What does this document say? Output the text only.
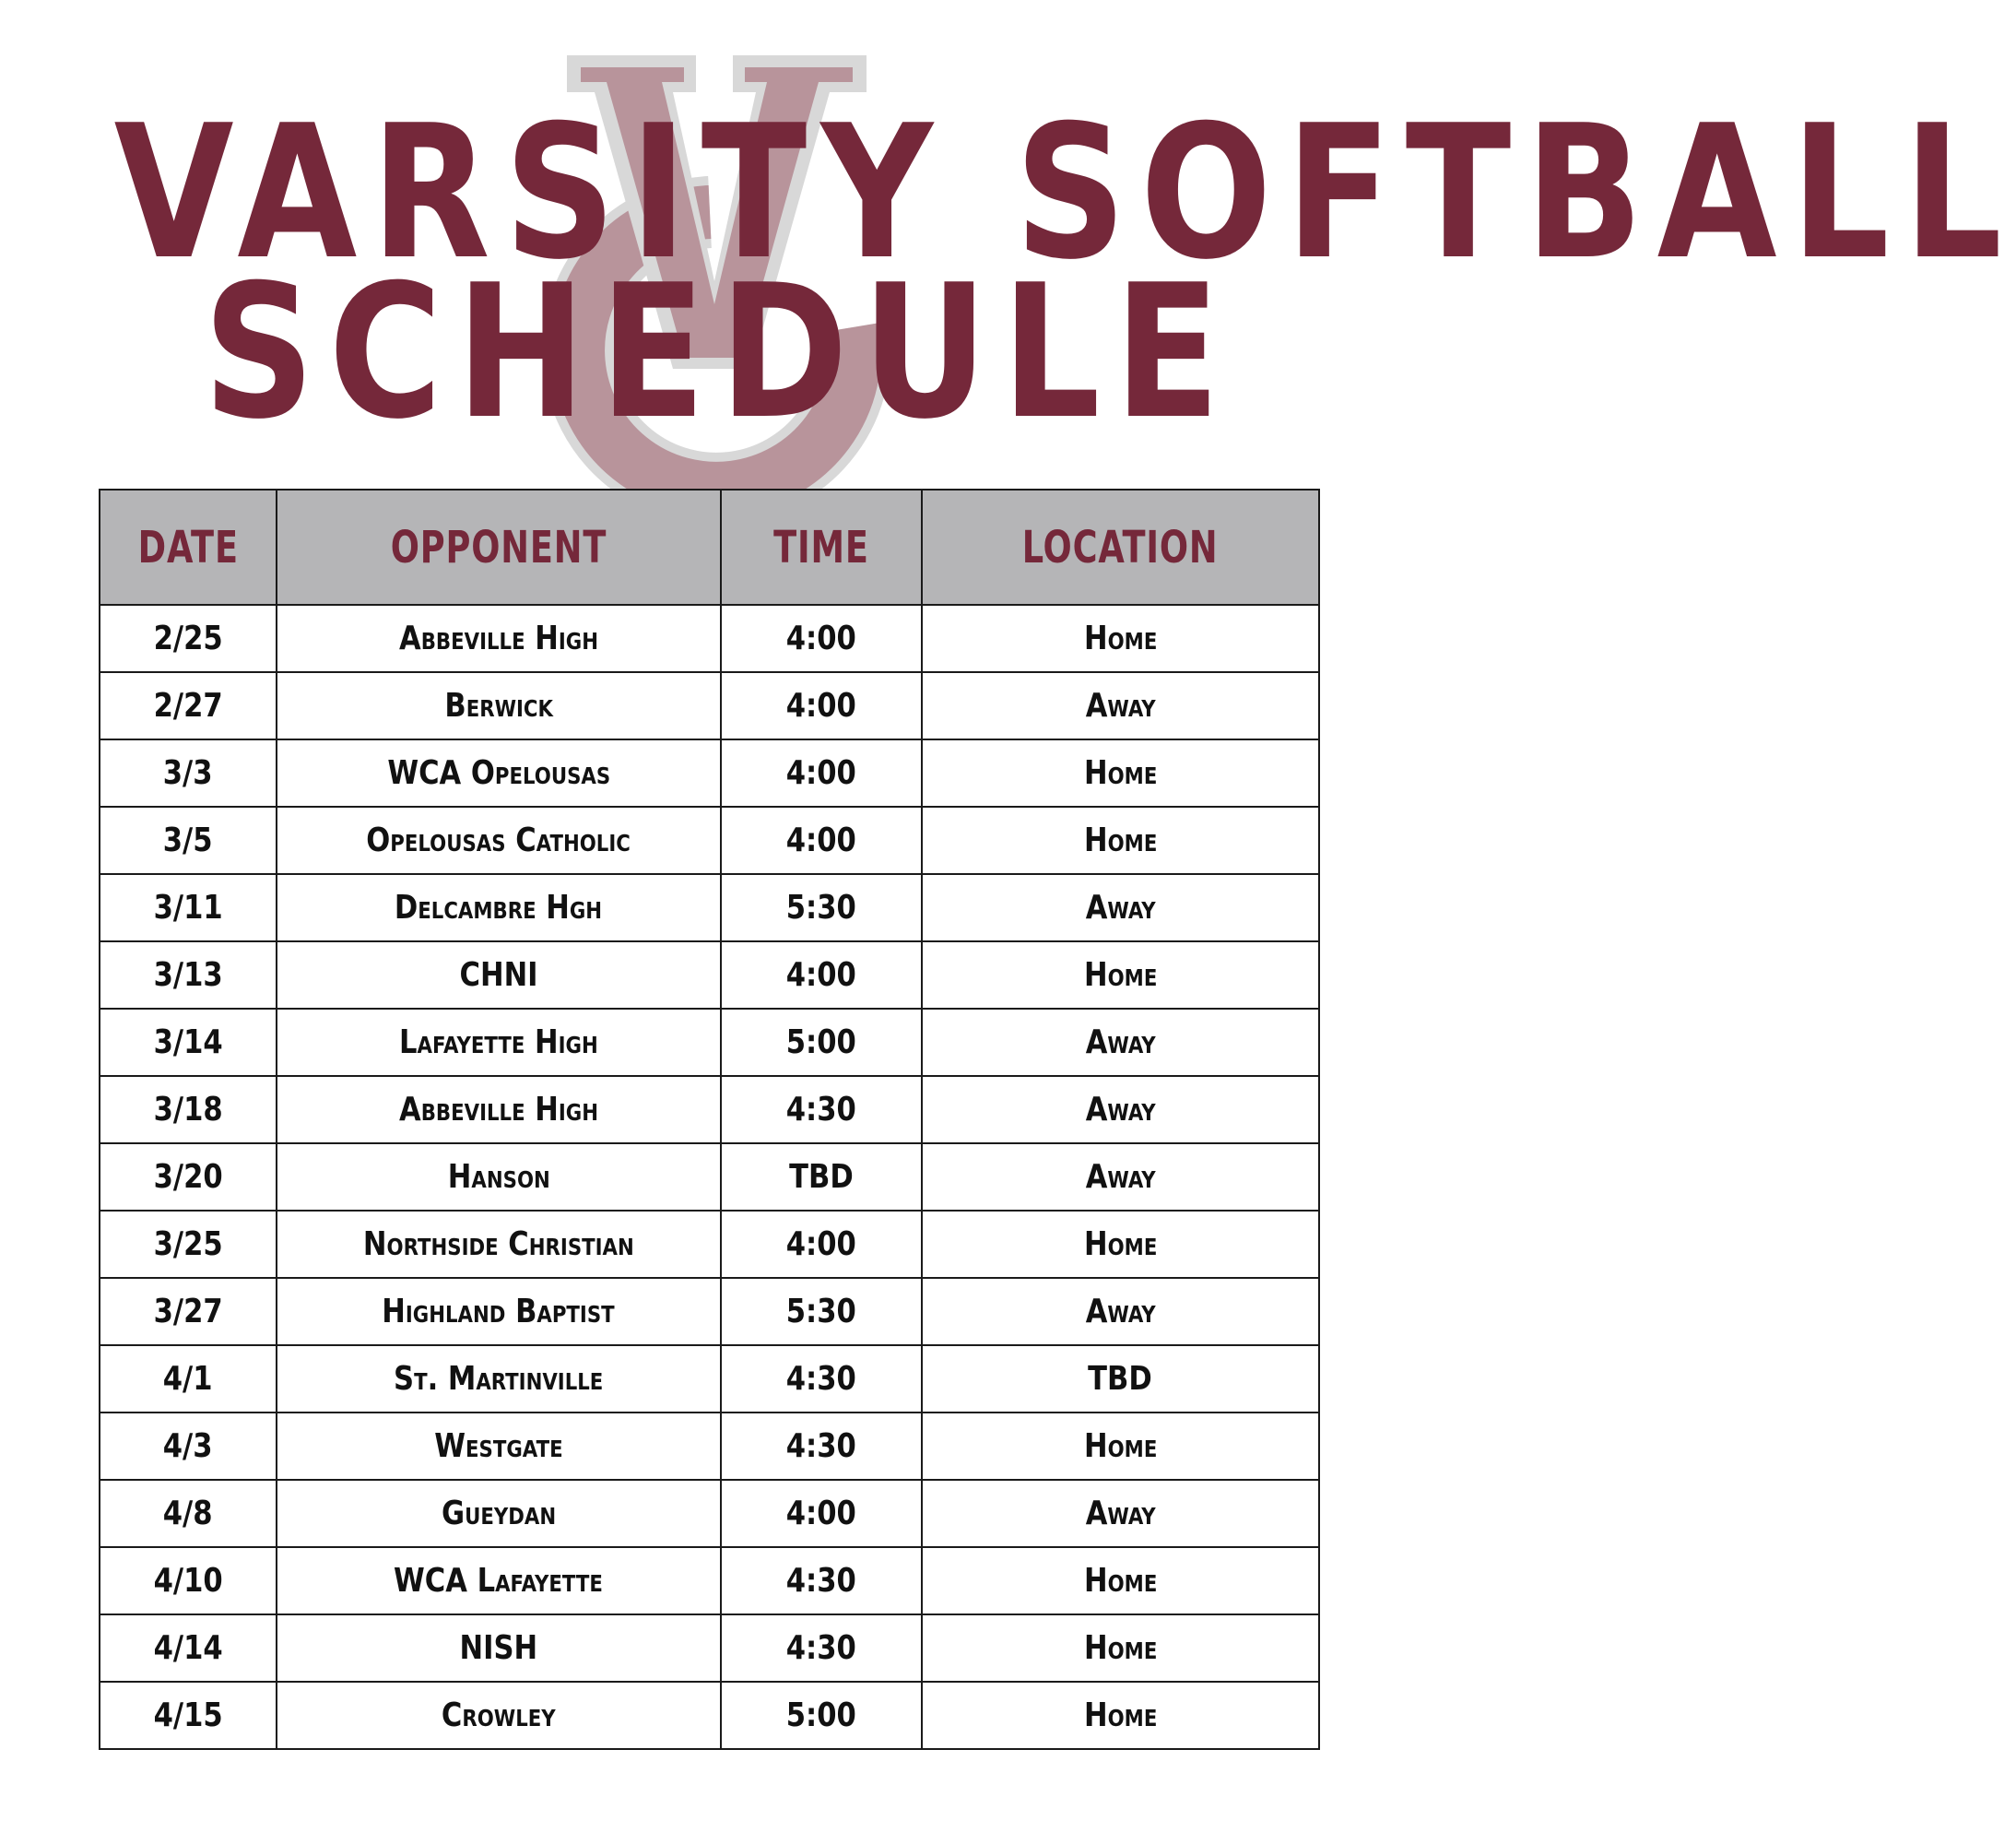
VARSITY SOFTBALL
SCHEDULE
DATE	OPPONENT	TIME	LOCATION
2/25	Abbeville High	4:00	Home
2/27	Berwick	4:00	Away
3/3	WCA Opelousas	4:00	Home
3/5	Opelousas Catholic	4:00	Home
3/11	Delcambre Hgh	5:30	Away
3/13	CHNI	4:00	Home
3/14	Lafayette High	5:00	Away
3/18	Abbeville High	4:30	Away
3/20	Hanson	TBD	Away
3/25	Northside Christian	4:00	Home
3/27	Highland Baptist	5:30	Away
4/1	St. Martinville	4:30	TBD
4/3	Westgate	4:30	Home
4/8	Gueydan	4:00	Away
4/10	WCA Lafayette	4:30	Home
4/14	NISH	4:30	Home
4/15	Crowley	5:00	Home
